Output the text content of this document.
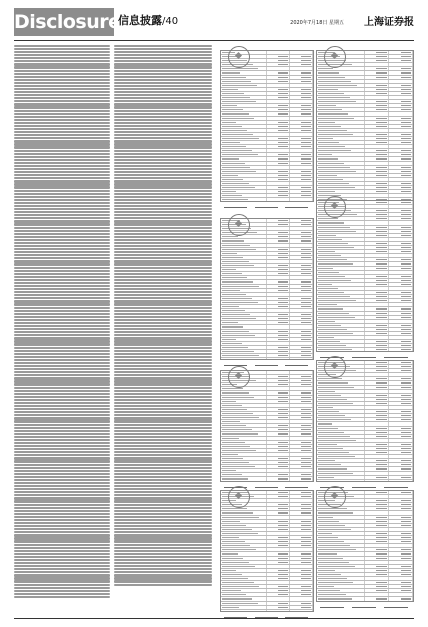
Disclosure
信息披露/40	2020年7月18日 星期五 上海证券报
